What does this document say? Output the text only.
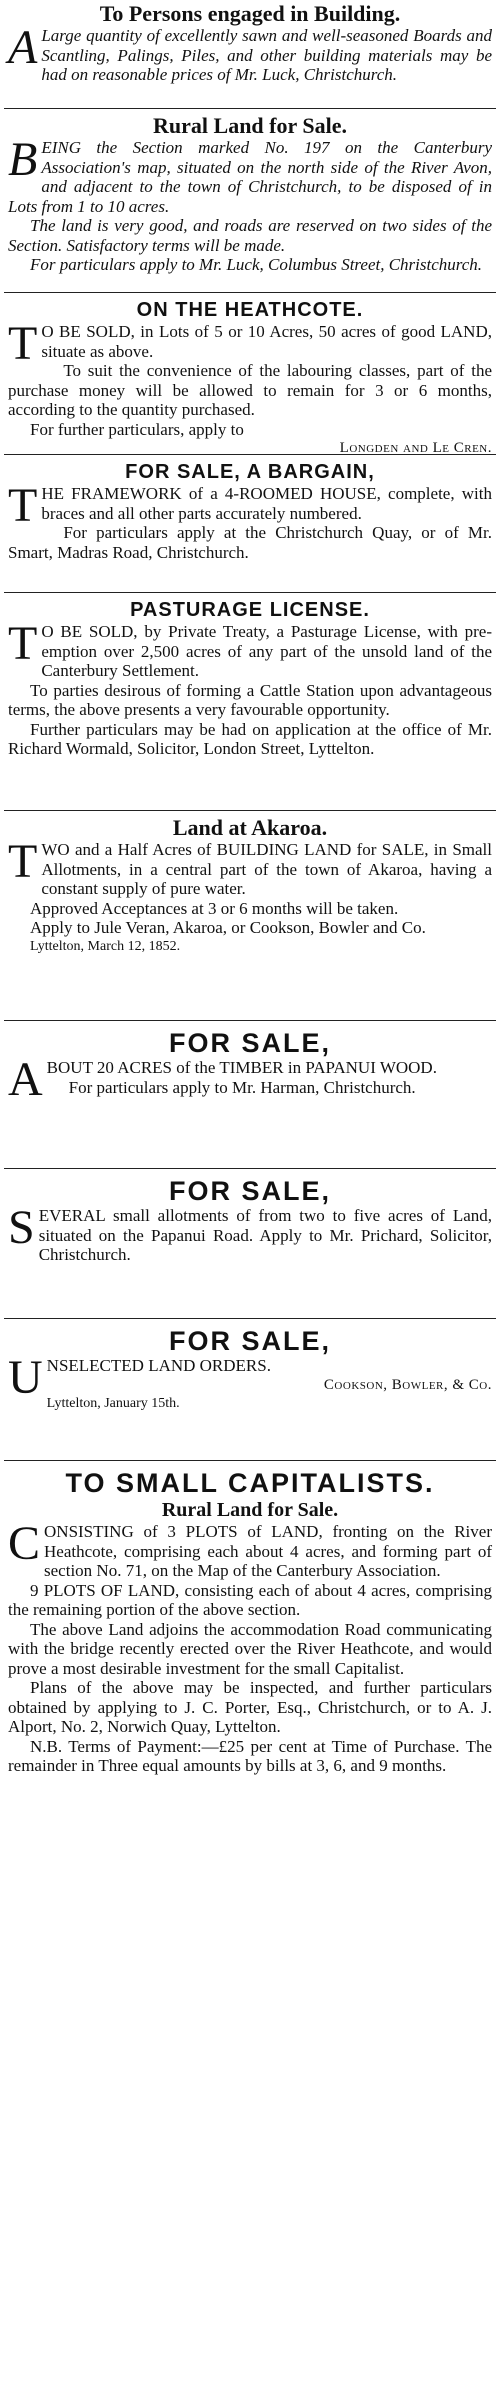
To Persons engaged in Building.

A Large quantity of excellently sawn and well-seasoned Boards and Scantling, Palings, Piles, and other building materials may be had on reasonable prices of Mr. Luck, Christchurch.

Rural Land for Sale.

B EING the Section marked No. 197 on the Canterbury Association's map, situated on the north side of the River Avon, and adjacent to the town of Christchurch, to be disposed of in Lots from 1 to 10 acres.

The land is very good, and roads are reserved on two sides of the Section. Satisfactory terms will be made.

For particulars apply to Mr. Luck, Columbus Street, Christchurch.

ON THE HEATHCOTE.

T O BE SOLD, in Lots of 5 or 10 Acres, 50 acres of good LAND, situate as above.

To suit the convenience of the labouring classes, part of the purchase money will be allowed to remain for 3 or 6 months, according to the quantity purchased.

For further particulars, apply to

Longden and Le Cren.
FOR SALE, A BARGAIN,

T HE FRAMEWORK of a 4-ROOMED HOUSE, complete, with braces and all other parts accurately numbered.

For particulars apply at the Christchurch Quay, or of Mr. Smart, Madras Road, Christchurch.

PASTURAGE LICENSE.

T O BE SOLD, by Private Treaty, a Pasturage License, with pre-emption over 2,500 acres of any part of the unsold land of the Canterbury Settlement.

To parties desirous of forming a Cattle Station upon advantageous terms, the above presents a very favourable opportunity.

Further particulars may be had on application at the office of Mr. Richard Wormald, Solicitor, London Street, Lyttelton.

Land at Akaroa.

T WO and a Half Acres of BUILDING LAND for SALE, in Small Allotments, in a central part of the town of Akaroa, having a constant supply of pure water.

Approved Acceptances at 3 or 6 months will be taken.

Apply to Jule Veran, Akaroa, or Cookson, Bowler and Co.

Lyttelton, March 12, 1852.
FOR SALE,

A BOUT 20 ACRES of the TIMBER in PAPANUI WOOD.

For particulars apply to Mr. Harman, Christchurch.

FOR SALE,

S EVERAL small allotments of from two to five acres of Land, situated on the Papanui Road. Apply to Mr. Prichard, Solicitor, Christchurch.

FOR SALE,

U NSELECTED LAND ORDERS.

Cookson, Bowler, & Co.
Lyttelton, January 15th.
TO SMALL CAPITALISTS.
Rural Land for Sale.

C ONSISTING of 3 PLOTS of LAND, fronting on the River Heathcote, comprising each about 4 acres, and forming part of section No. 71, on the Map of the Canterbury Association.

9 PLOTS OF LAND, consisting each of about 4 acres, comprising the remaining portion of the above section.

The above Land adjoins the accommodation Road communicating with the bridge recently erected over the River Heathcote, and would prove a most desirable investment for the small Capitalist.

Plans of the above may be inspected, and further particulars obtained by applying to J. C. Porter, Esq., Christchurch, or to A. J. Alport, No. 2, Norwich Quay, Lyttelton.

N.B. Terms of Payment:—£25 per cent at Time of Purchase. The remainder in Three equal amounts by bills at 3, 6, and 9 months.
